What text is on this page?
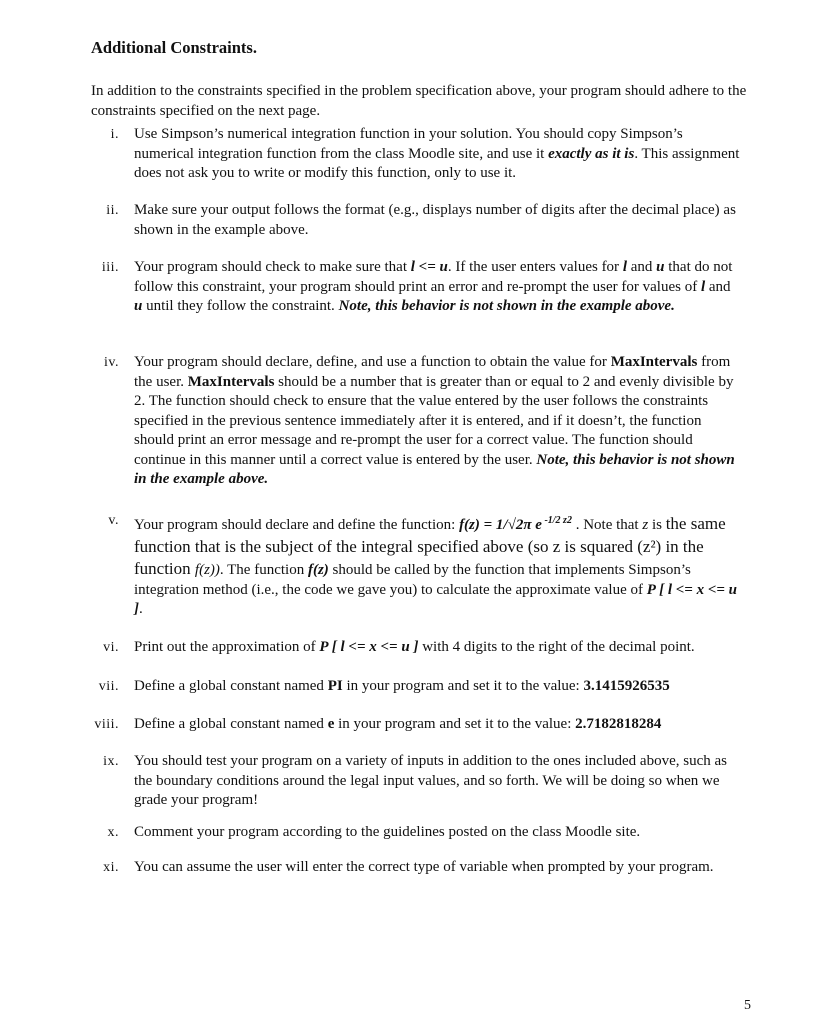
Additional Constraints.
In addition to the constraints specified in the problem specification above, your program should adhere to the constraints specified on the next page.
i. Use Simpson’s numerical integration function in your solution. You should copy Simpson’s numerical integration function from the class Moodle site, and use it exactly as it is. This assignment does not ask you to write or modify this function, only to use it.
ii. Make sure your output follows the format (e.g., displays number of digits after the decimal place) as shown in the example above.
iii. Your program should check to make sure that l <= u. If the user enters values for l and u that do not follow this constraint, your program should print an error and re-prompt the user for values of l and u until they follow the constraint. Note, this behavior is not shown in the example above.
iv. Your program should declare, define, and use a function to obtain the value for MaxIntervals from the user. MaxIntervals should be a number that is greater than or equal to 2 and evenly divisible by 2. The function should check to ensure that the value entered by the user follows the constraints specified in the previous sentence immediately after it is entered, and if it doesn’t, the function should print an error message and re-prompt the user for a correct value. The function should continue in this manner until a correct value is entered by the user. Note, this behavior is not shown in the example above.
v. Your program should declare and define the function: f(z) = 1/√2π e $^{-1/2 z2}$ . Note that z is the same function that is the subject of the integral specified above (so z is squared (z²) in the function f(z)). The function f(z) should be called by the function that implements Simpson’s integration method (i.e., the code we gave you) to calculate the approximate value of P [ l <= x <= u ].
vi. Print out the approximation of P [ l <= x <= u ] with 4 digits to the right of the decimal point.
vii. Define a global constant named PI in your program and set it to the value: 3.1415926535
viii. Define a global constant named e in your program and set it to the value: 2.7182818284
ix. You should test your program on a variety of inputs in addition to the ones included above, such as the boundary conditions around the legal input values, and so forth. We will be doing so when we grade your program!
x. Comment your program according to the guidelines posted on the class Moodle site.
xi. You can assume the user will enter the correct type of variable when prompted by your program.
5
